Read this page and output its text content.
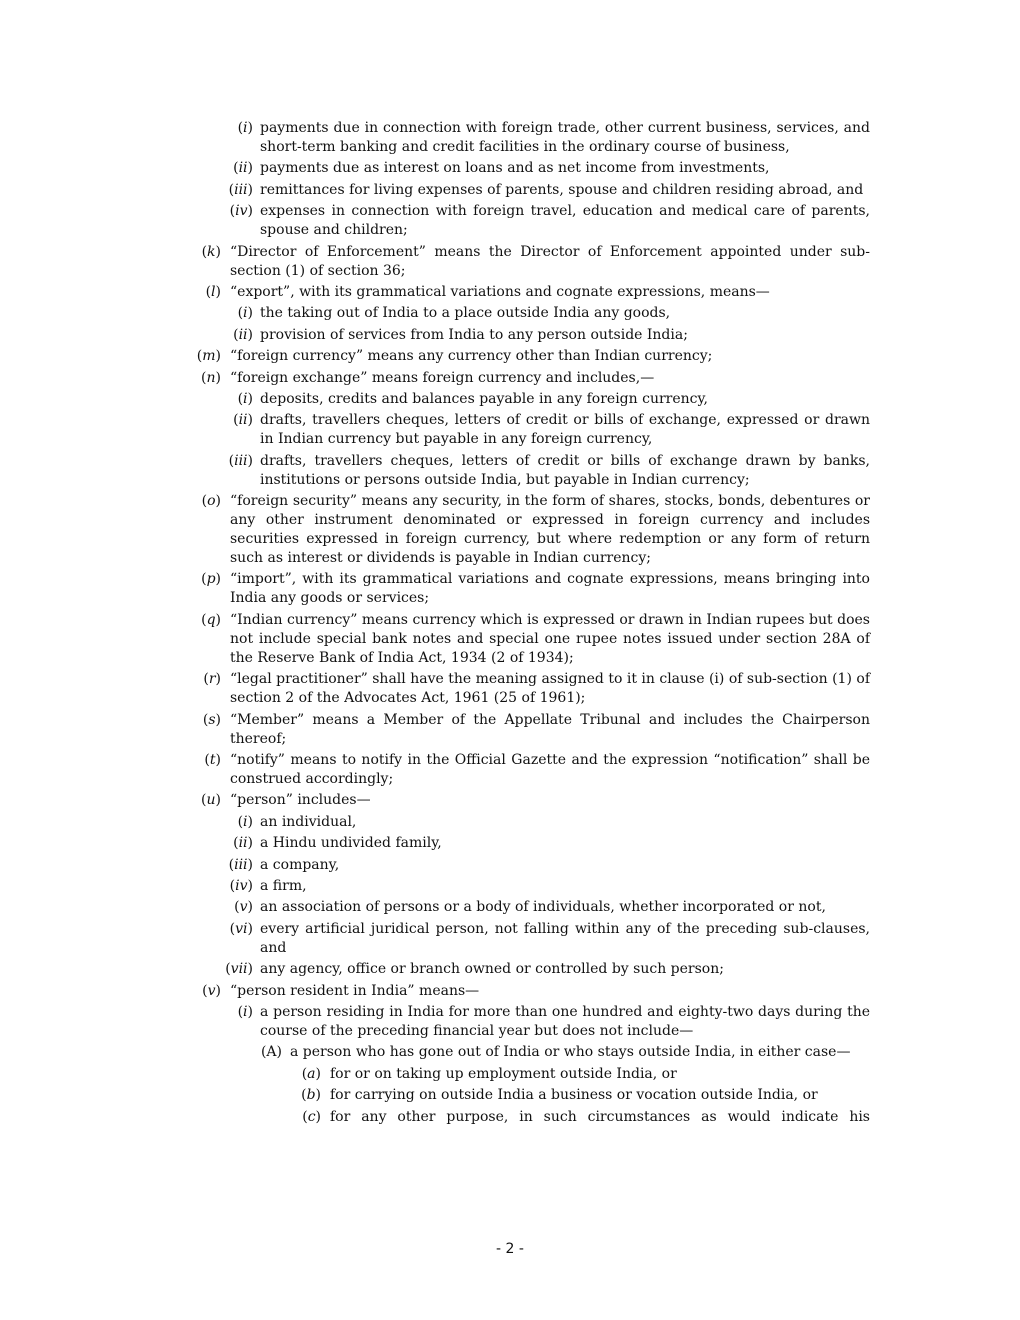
(i) payments due in connection with foreign trade, other current business, services, and short-term banking and credit facilities in the ordinary course of business,
(ii) payments due as interest on loans and as net income from investments,
(iii) remittances for living expenses of parents, spouse and children residing abroad, and
(iv) expenses in connection with foreign travel, education and medical care of parents, spouse and children;
(k) “Director of Enforcement” means the Director of Enforcement appointed under sub-section (1) of section 36;
(l) “export”, with its grammatical variations and cognate expressions, means—
(i) the taking out of India to a place outside India any goods,
(ii) provision of services from India to any person outside India;
(m) “foreign currency” means any currency other than Indian currency;
(n) “foreign exchange” means foreign currency and includes,—
(i) deposits, credits and balances payable in any foreign currency,
(ii) drafts, travellers cheques, letters of credit or bills of exchange, expressed or drawn in Indian currency but payable in any foreign currency,
(iii) drafts, travellers cheques, letters of credit or bills of exchange drawn by banks, institutions or persons outside India, but payable in Indian currency;
(o) “foreign security” means any security, in the form of shares, stocks, bonds, debentures or any other instrument denominated or expressed in foreign currency and includes securities expressed in foreign currency, but where redemption or any form of return such as interest or dividends is payable in Indian currency;
(p) “import”, with its grammatical variations and cognate expressions, means bringing into India any goods or services;
(q) “Indian currency” means currency which is expressed or drawn in Indian rupees but does not include special bank notes and special one rupee notes issued under section 28A of the Reserve Bank of India Act, 1934 (2 of 1934);
(r) “legal practitioner” shall have the meaning assigned to it in clause (i) of sub-section (1) of section 2 of the Advocates Act, 1961 (25 of 1961);
(s) “Member” means a Member of the Appellate Tribunal and includes the Chairperson thereof;
(t) “notify” means to notify in the Official Gazette and the expression “notification” shall be construed accordingly;
(u) “person” includes—
(i) an individual,
(ii) a Hindu undivided family,
(iii) a company,
(iv) a firm,
(v) an association of persons or a body of individuals, whether incorporated or not,
(vi) every artificial juridical person, not falling within any of the preceding sub-clauses, and
(vii) any agency, office or branch owned or controlled by such person;
(v) “person resident in India” means—
(i) a person residing in India for more than one hundred and eighty-two days during the course of the preceding financial year but does not include—
(A) a person who has gone out of India or who stays outside India, in either case—
(a) for or on taking up employment outside India, or
(b) for carrying on outside India a business or vocation outside India, or
(c) for any other purpose, in such circumstances as would indicate his
- 2 -
